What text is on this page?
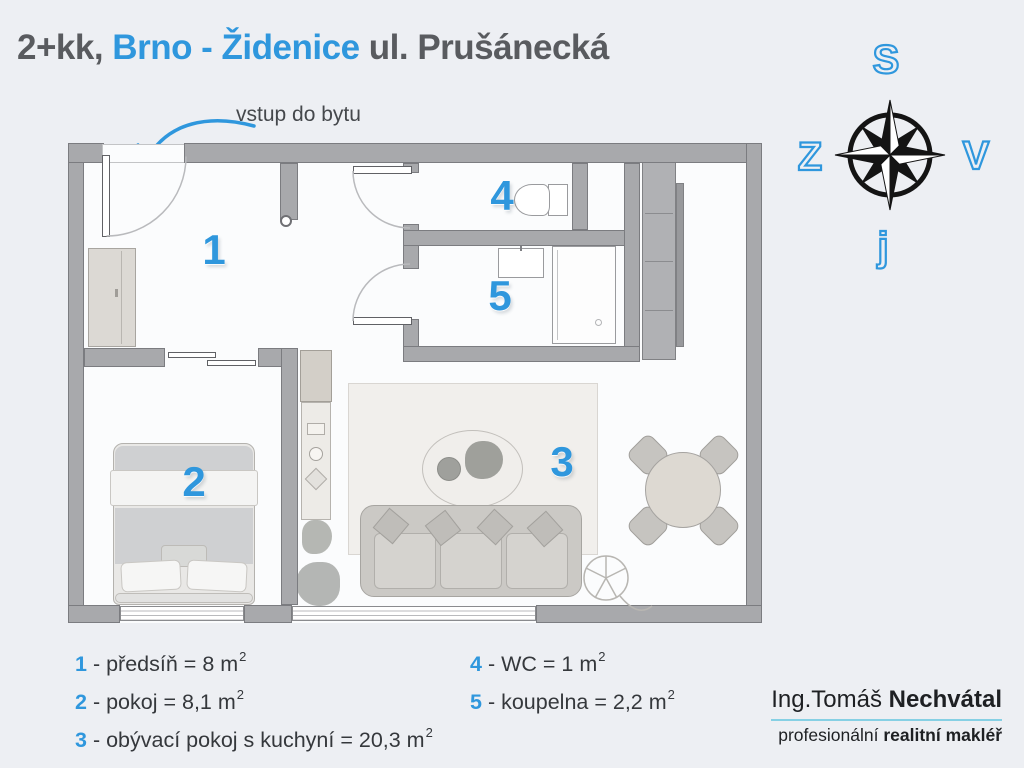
2+kk, Brno - Židenice ul. Prušánecká	S
Z	V
j
vstup do bytu
1
2	3
4
5
1 - předsíň = 8 $m^2$
2 - pokoj = 8,1 $m^2$
3 - obývací pokoj s kuchyní = 20,3 $m^2$
4 - WC = 1 $m^2$
5 - koupelna = 2,2 $m^2$	Ing.Tomáš Nechvátal
profesionální realitní makléř
